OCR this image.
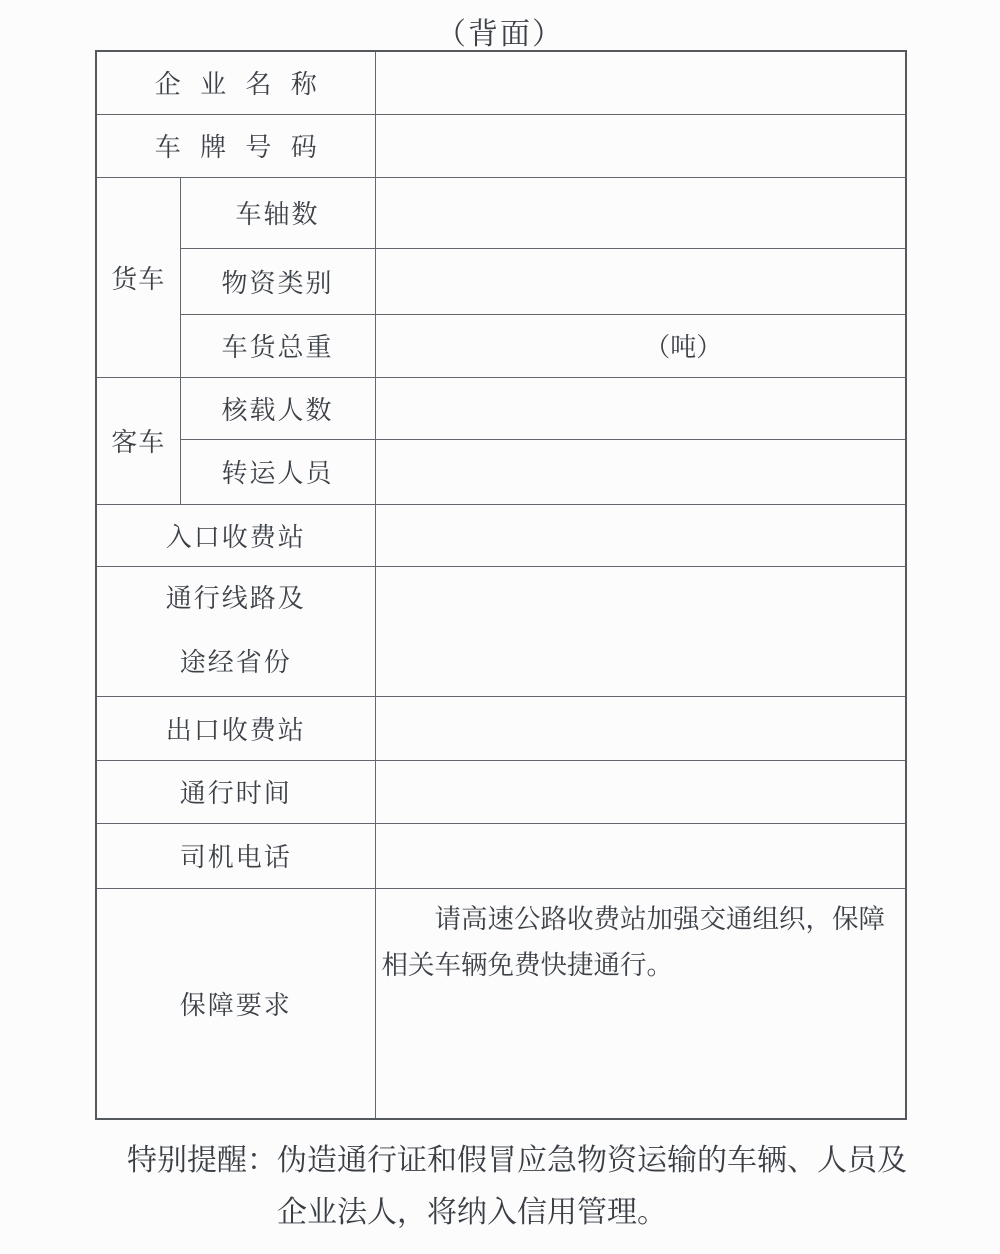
（背面）
企业名称		
车牌号码		
货车	车轴数	
	物资类别	
	车货总重	（吨）
客车	核载人数	
	转运人员	
入口收费站		

通行线路及
途经省份		

出口收费站		
通行时间		
司机电话		
保障要求		请高速公路收费站加强交通组织，保障相关车辆免费快捷通行。

特别提醒：伪造通行证和假冒应急物资运输的车辆、人员及企业法人，将纳入信用管理。
